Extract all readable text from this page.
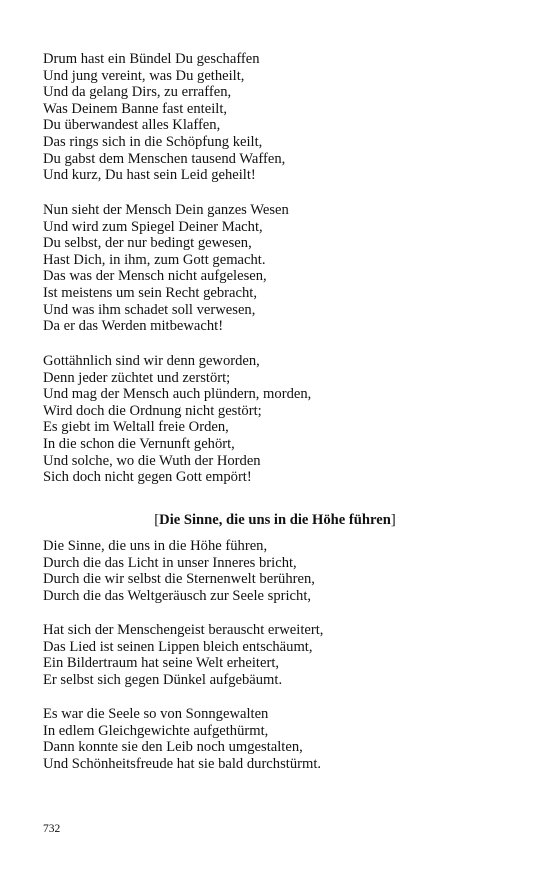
Drum hast ein Bündel Du geschaffen
Und jung vereint, was Du getheilt,
Und da gelang Dirs, zu erraffen,
Was Deinem Banne fast enteilt,
Du überwandest alles Klaffen,
Das rings sich in die Schöpfung keilt,
Du gabst dem Menschen tausend Waffen,
Und kurz, Du hast sein Leid geheilt!
Nun sieht der Mensch Dein ganzes Wesen
Und wird zum Spiegel Deiner Macht,
Du selbst, der nur bedingt gewesen,
Hast Dich, in ihm, zum Gott gemacht.
Das was der Mensch nicht aufgelesen,
Ist meistens um sein Recht gebracht,
Und was ihm schadet soll verwesen,
Da er das Werden mitbewacht!
Gottähnlich sind wir denn geworden,
Denn jeder züchtet und zerstört;
Und mag der Mensch auch plündern, morden,
Wird doch die Ordnung nicht gestört;
Es giebt im Weltall freie Orden,
In die schon die Vernunft gehört,
Und solche, wo die Wuth der Horden
Sich doch nicht gegen Gott empört!
[Die Sinne, die uns in die Höhe führen]
Die Sinne, die uns in die Höhe führen,
Durch die das Licht in unser Inneres bricht,
Durch die wir selbst die Sternenwelt berühren,
Durch die das Weltgeräusch zur Seele spricht,
Hat sich der Menschengeist berauscht erweitert,
Das Lied ist seinen Lippen bleich entschäumt,
Ein Bildertraum hat seine Welt erheitert,
Er selbst sich gegen Dünkel aufgebäumt.
Es war die Seele so von Sonngewalten
In edlem Gleichgewichte aufgethürmt,
Dann konnte sie den Leib noch umgestalten,
Und Schönheitsfreude hat sie bald durchstürmt.
732
